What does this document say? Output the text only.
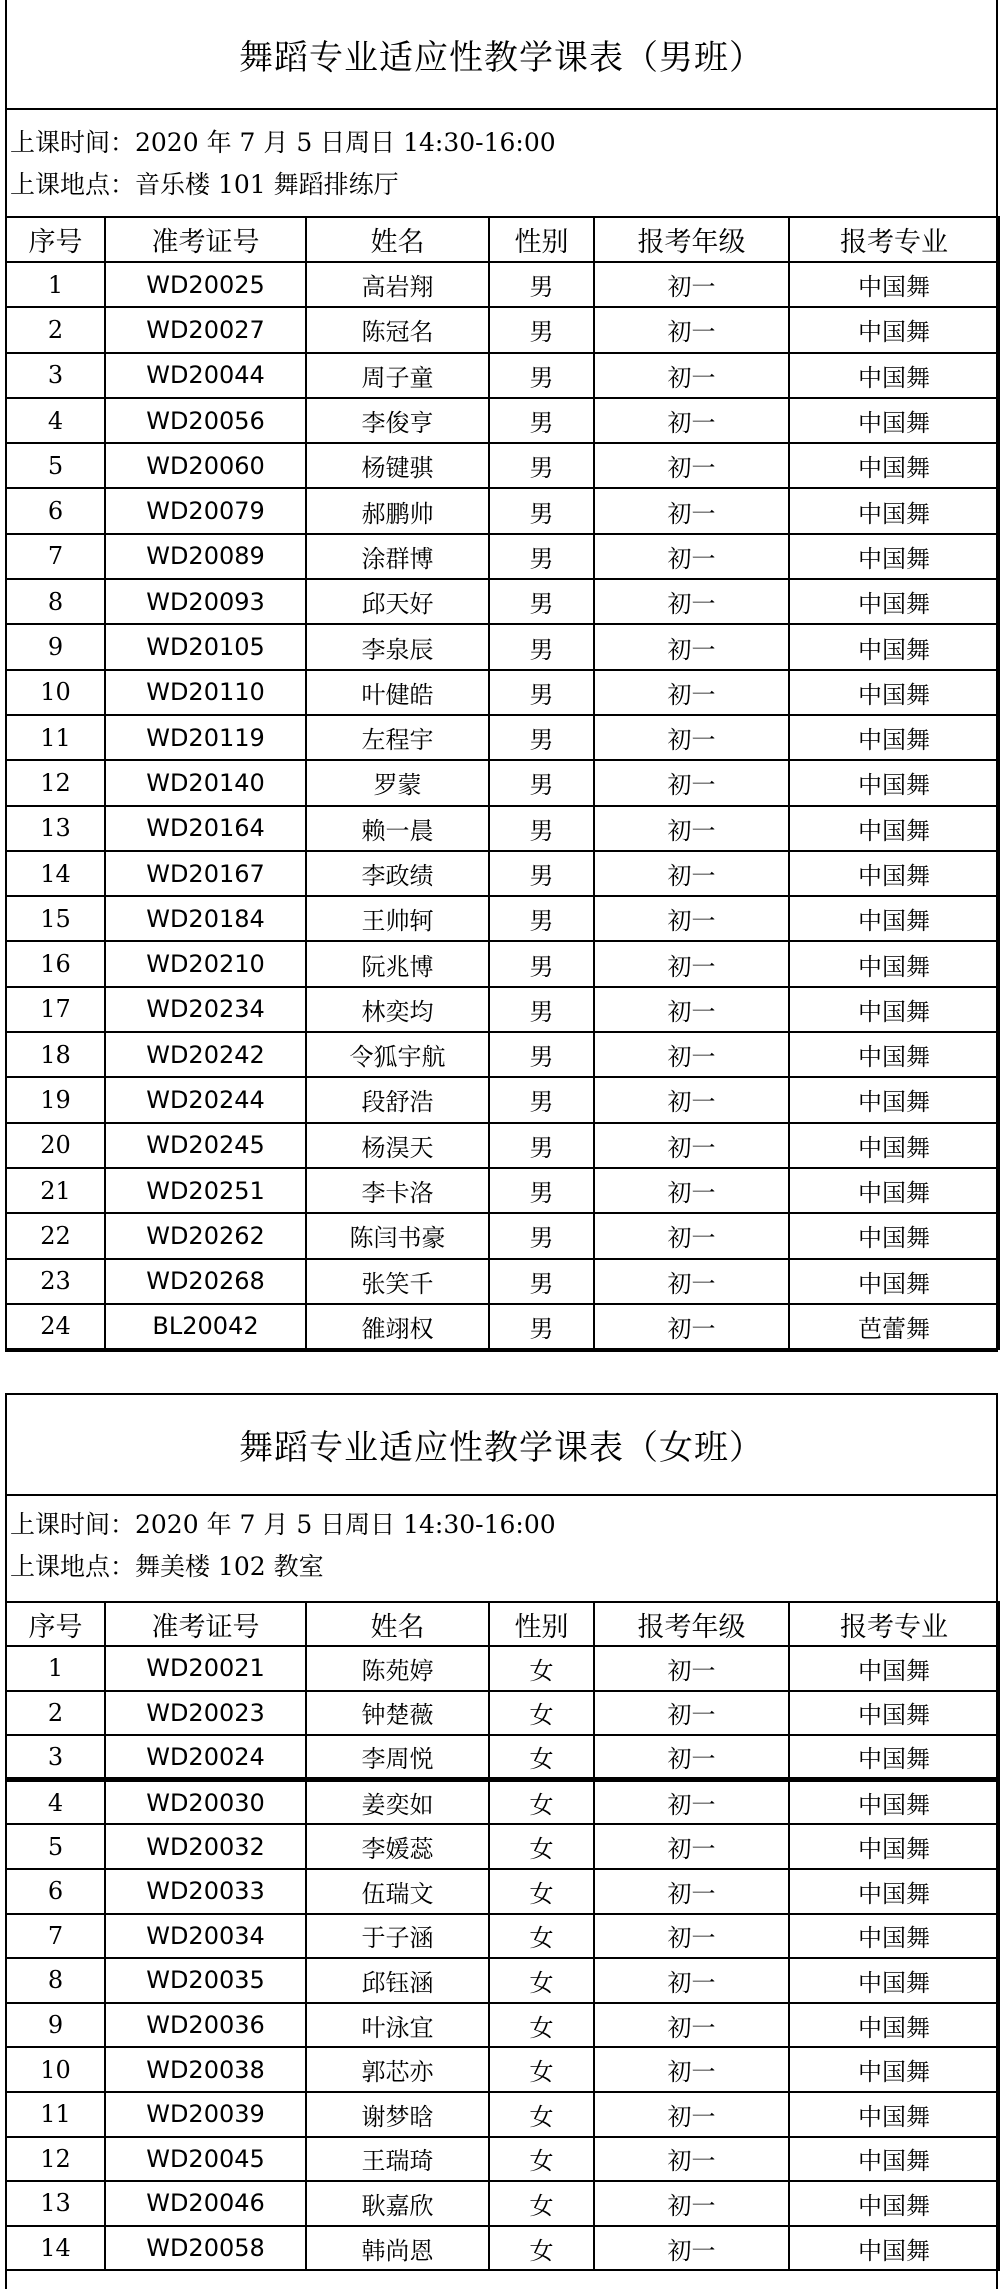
舞蹈专业适应性教学课表（男班）
上课时间：2020 年 7 月 5 日周日 14:30-16:00
上课地点：音乐楼 101 舞蹈排练厅
序号	准考证号	姓名	性别	报考年级	报考专业
1	WD20025	高岩翔	男	初一	中国舞
2	WD20027	陈冠名	男	初一	中国舞
3	WD20044	周子童	男	初一	中国舞
4	WD20056	李俊亨	男	初一	中国舞
5	WD20060	杨键骐	男	初一	中国舞
6	WD20079	郝鹏帅	男	初一	中国舞
7	WD20089	涂群博	男	初一	中国舞
8	WD20093	邱天好	男	初一	中国舞
9	WD20105	李泉辰	男	初一	中国舞
10	WD20110	叶健皓	男	初一	中国舞
11	WD20119	左程宇	男	初一	中国舞
12	WD20140	罗蒙	男	初一	中国舞
13	WD20164	赖一晨	男	初一	中国舞
14	WD20167	李政绩	男	初一	中国舞
15	WD20184	王帅轲	男	初一	中国舞
16	WD20210	阮兆博	男	初一	中国舞
17	WD20234	林奕均	男	初一	中国舞
18	WD20242	令狐宇航	男	初一	中国舞
19	WD20244	段舒浩	男	初一	中国舞
20	WD20245	杨淏天	男	初一	中国舞
21	WD20251	李卡洛	男	初一	中国舞
22	WD20262	陈闫书豪	男	初一	中国舞
23	WD20268	张笑千	男	初一	中国舞
24	BL20042	雒翊权	男	初一	芭蕾舞
舞蹈专业适应性教学课表（女班）
上课时间：2020 年 7 月 5 日周日 14:30-16:00
上课地点：舞美楼 102 教室
序号	准考证号	姓名	性别	报考年级	报考专业
1	WD20021	陈苑婷	女	初一	中国舞
2	WD20023	钟楚薇	女	初一	中国舞
3	WD20024	李周悦	女	初一	中国舞
4	WD20030	姜奕如	女	初一	中国舞
5	WD20032	李媛蕊	女	初一	中国舞
6	WD20033	伍瑞文	女	初一	中国舞
7	WD20034	于子涵	女	初一	中国舞
8	WD20035	邱钰涵	女	初一	中国舞
9	WD20036	叶泳宜	女	初一	中国舞
10	WD20038	郭芯亦	女	初一	中国舞
11	WD20039	谢梦晗	女	初一	中国舞
12	WD20045	王瑞琦	女	初一	中国舞
13	WD20046	耿嘉欣	女	初一	中国舞
14	WD20058	韩尚恩	女	初一	中国舞
